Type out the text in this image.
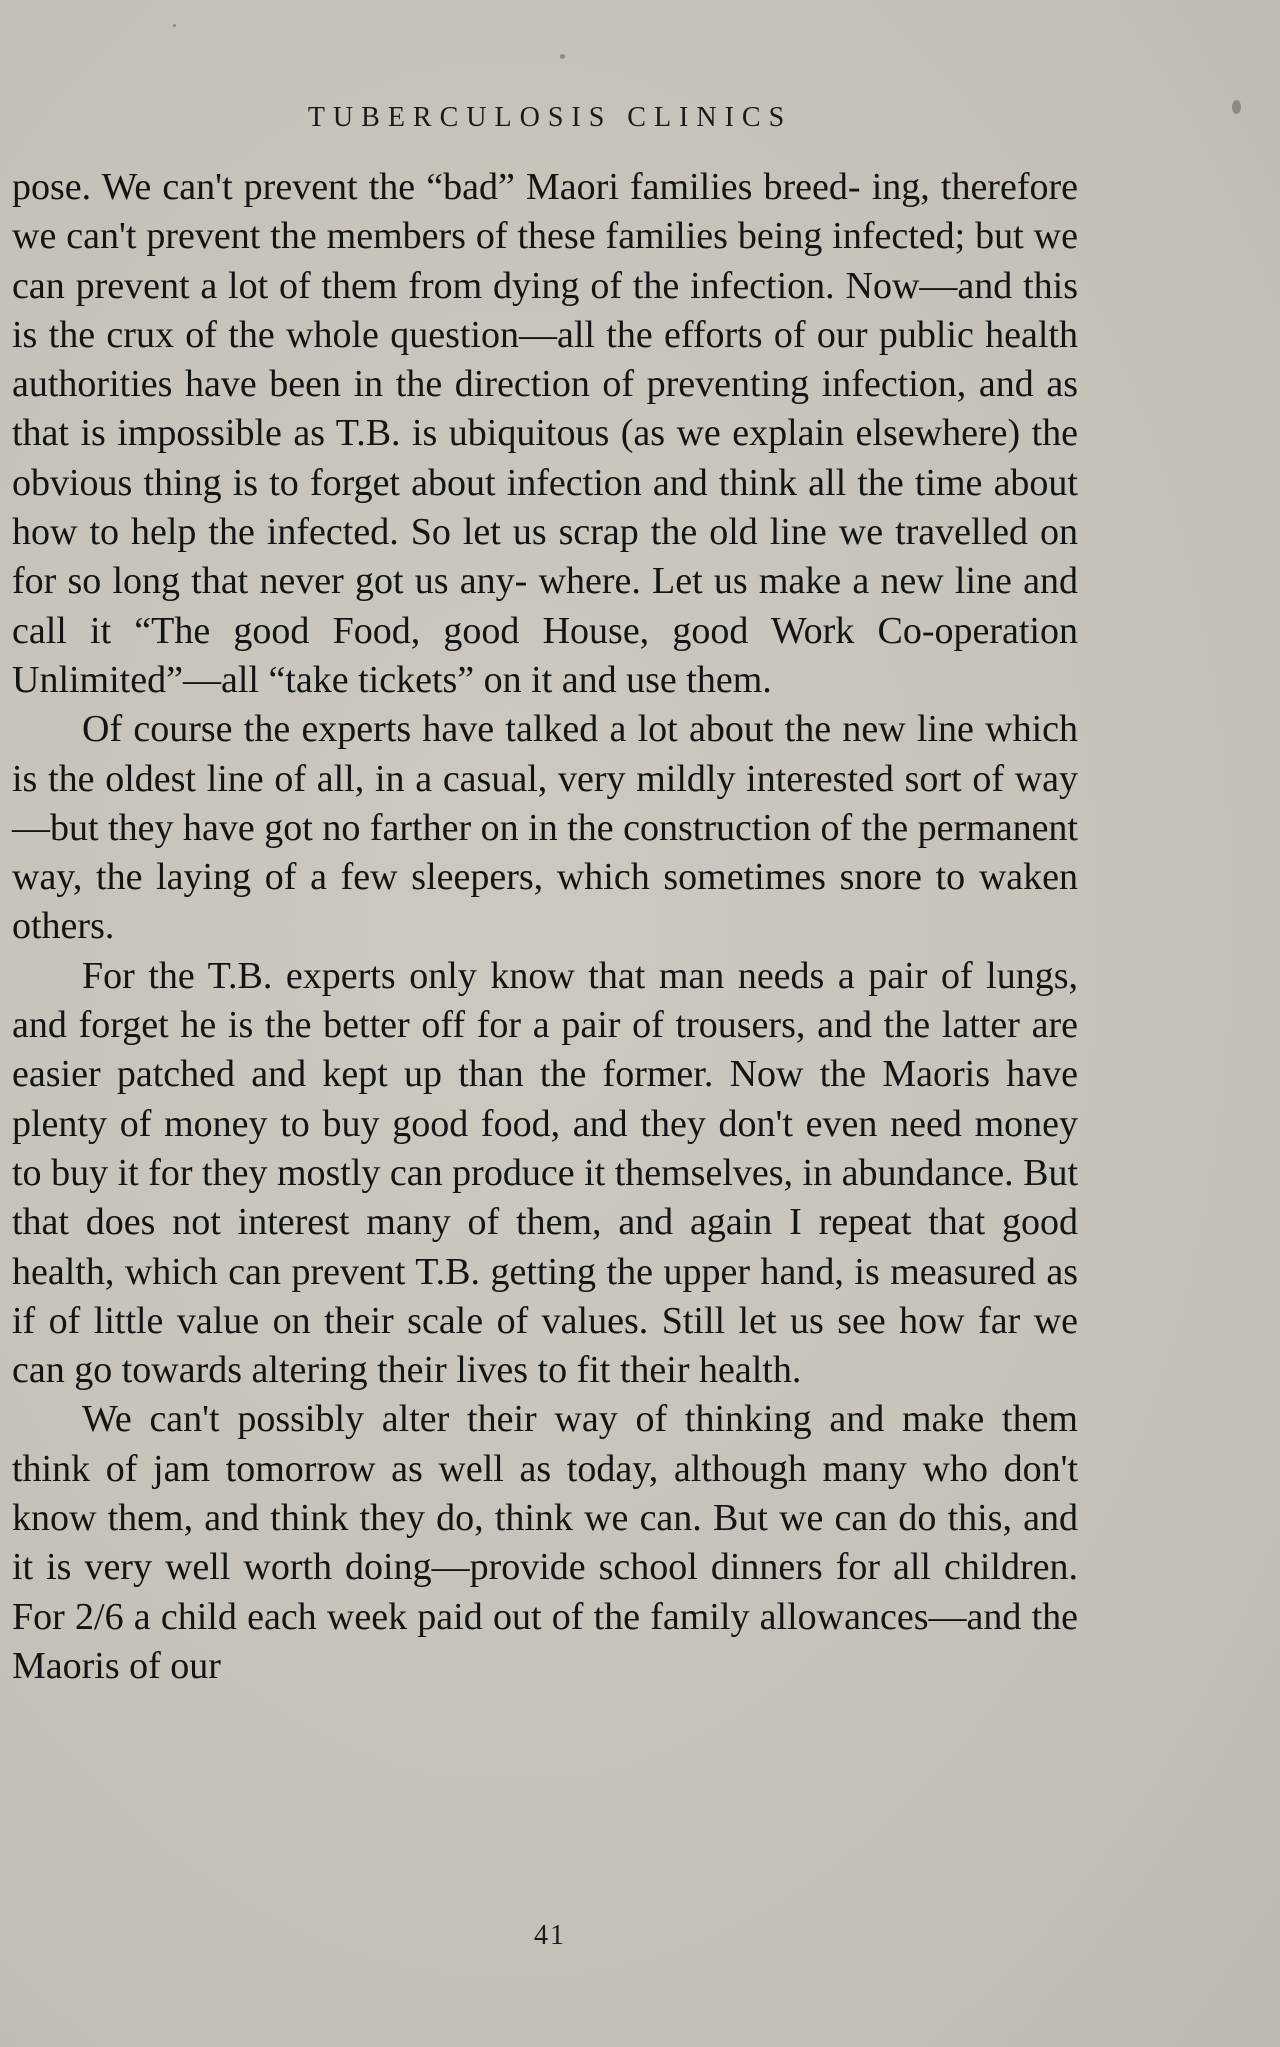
TUBERCULOSIS CLINICS

pose. We can't prevent the “bad” Maori families breed- ing, therefore we can't prevent the members of these families being infected; but we can prevent a lot of them from dying of the infection. Now—and this is the crux of the whole question—all the efforts of our public health authorities have been in the direction of preventing infection, and as that is impossible as T.B. is ubiquitous (as we explain elsewhere) the obvious thing is to forget about infection and think all the time about how to help the infected. So let us scrap the old line we travelled on for so long that never got us any- where. Let us make a new line and call it “The good Food, good House, good Work Co-operation Unlimited”—all “take tickets” on it and use them.

Of course the experts have talked a lot about the new line which is the oldest line of all, in a casual, very mildly interested sort of way—but they have got no farther on in the construction of the permanent way, the laying of a few sleepers, which sometimes snore to waken others.

For the T.B. experts only know that man needs a pair of lungs, and forget he is the better off for a pair of trousers, and the latter are easier patched and kept up than the former. Now the Maoris have plenty of money to buy good food, and they don't even need money to buy it for they mostly can produce it themselves, in abundance. But that does not interest many of them, and again I repeat that good health, which can prevent T.B. getting the upper hand, is measured as if of little value on their scale of values. Still let us see how far we can go towards altering their lives to fit their health.

We can't possibly alter their way of thinking and make them think of jam tomorrow as well as today, although many who don't know them, and think they do, think we can. But we can do this, and it is very well worth doing—provide school dinners for all children. For 2/6 a child each week paid out of the family allowances—and the Maoris of our

41
